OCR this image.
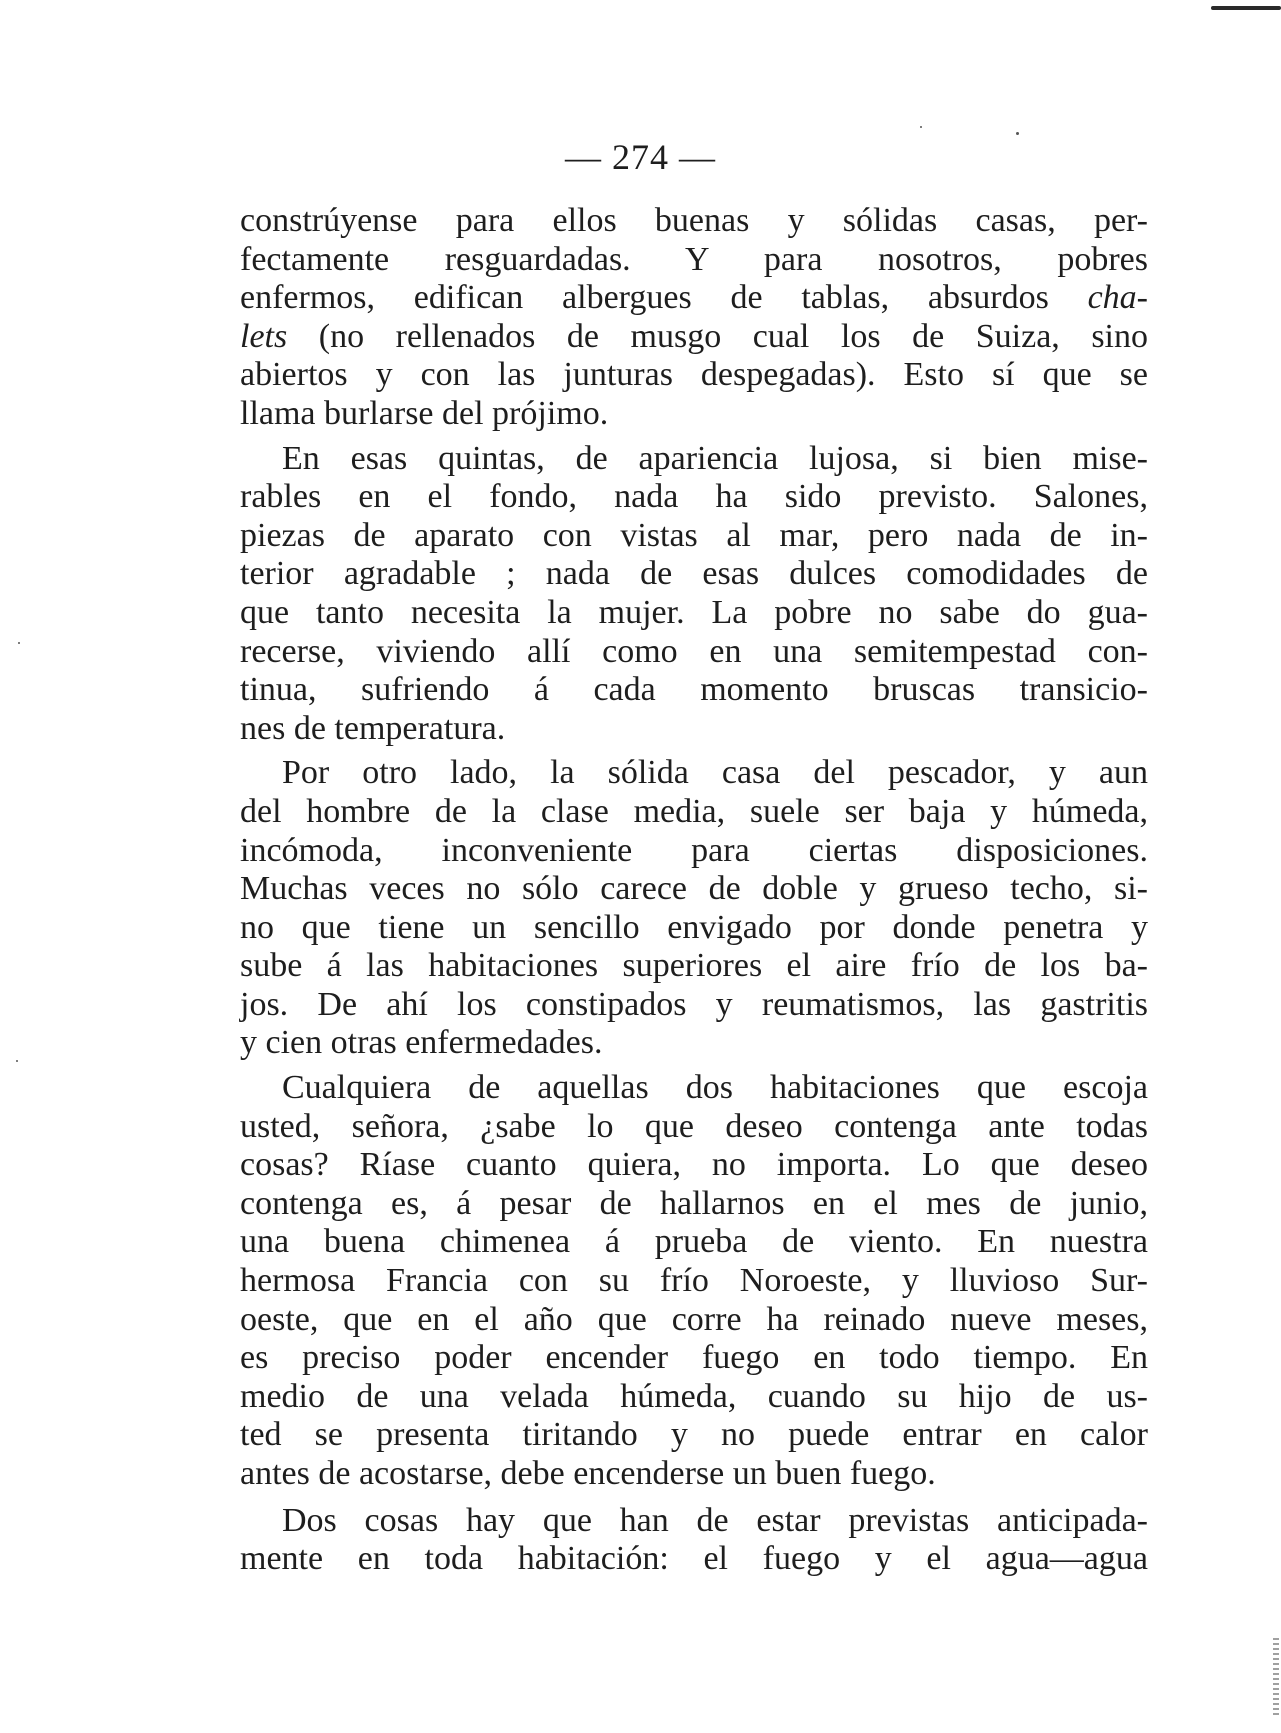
— 274 —
constrúyense para ellos buenas y sólidas casas, per-
fectamente resguardadas. Y para nosotros, pobres
enfermos, edifican albergues de tablas, absurdos cha-
lets (no rellenados de musgo cual los de Suiza, sino
abiertos y con las junturas despegadas). Esto sí que se
llama burlarse del prójimo.
En esas quintas, de apariencia lujosa, si bien mise-
rables en el fondo, nada ha sido previsto. Salones,
piezas de aparato con vistas al mar, pero nada de in-
terior agradable ; nada de esas dulces comodidades de
que tanto necesita la mujer. La pobre no sabe do gua-
recerse, viviendo allí como en una semitempestad con-
tinua, sufriendo á cada momento bruscas transicio-
nes de temperatura.
Por otro lado, la sólida casa del pescador, y aun
del hombre de la clase media, suele ser baja y húmeda,
incómoda, inconveniente para ciertas disposiciones.
Muchas veces no sólo carece de doble y grueso techo, si-
no que tiene un sencillo envigado por donde penetra y
sube á las habitaciones superiores el aire frío de los ba-
jos. De ahí los constipados y reumatismos, las gastritis
y cien otras enfermedades.
Cualquiera de aquellas dos habitaciones que escoja
usted, señora, ¿sabe lo que deseo contenga ante todas
cosas? Ríase cuanto quiera, no importa. Lo que deseo
contenga es, á pesar de hallarnos en el mes de junio,
una buena chimenea á prueba de viento. En nuestra
hermosa Francia con su frío Noroeste, y lluvioso Sur-
oeste, que en el año que corre ha reinado nueve meses,
es preciso poder encender fuego en todo tiempo. En
medio de una velada húmeda, cuando su hijo de us-
ted se presenta tiritando y no puede entrar en calor
antes de acostarse, debe encenderse un buen fuego.
Dos cosas hay que han de estar previstas anticipada-
mente en toda habitación: el fuego y el agua—agua
